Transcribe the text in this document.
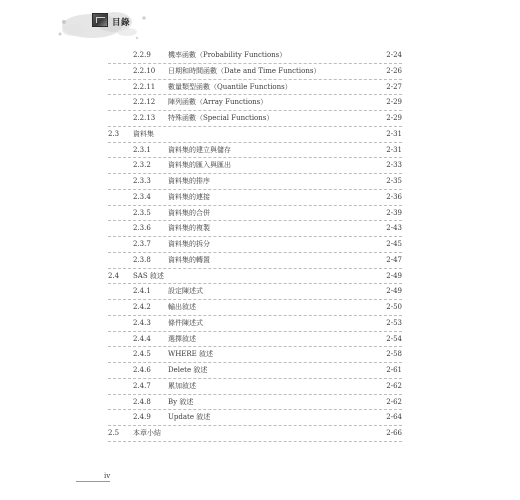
目錄
2.2.9 機率函數（Probability Functions）	2-24
2.2.10 日期和時間函數（Date and Time Functions）	2-26
2.2.11 數量類型函數（Quantile Functions）	2-27
2.2.12 陣列函數（Array Functions）	2-29
2.2.13 特殊函數（Special Functions）	2-29
2.3 資料集	2-31
2.3.1 資料集的建立與儲存	2-31
2.3.2 資料集的匯入與匯出	2-33
2.3.3 資料集的排序	2-35
2.3.4 資料集的連接	2-36
2.3.5 資料集的合併	2-39
2.3.6 資料集的複製	2-43
2.3.7 資料集的拆分	2-45
2.3.8 資料集的轉置	2-47
2.4 SAS 敘述	2-49
2.4.1 設定陳述式	2-49
2.4.2 輸出敘述	2-50
2.4.3 條件陳述式	2-53
2.4.4 選擇敘述	2-54
2.4.5 WHERE 敘述	2-58
2.4.6 Delete 敘述	2-61
2.4.7 累加敘述	2-62
2.4.8 By 敘述	2-62
2.4.9 Update 敘述	2-64
2.5 本章小結	2-66
iv
